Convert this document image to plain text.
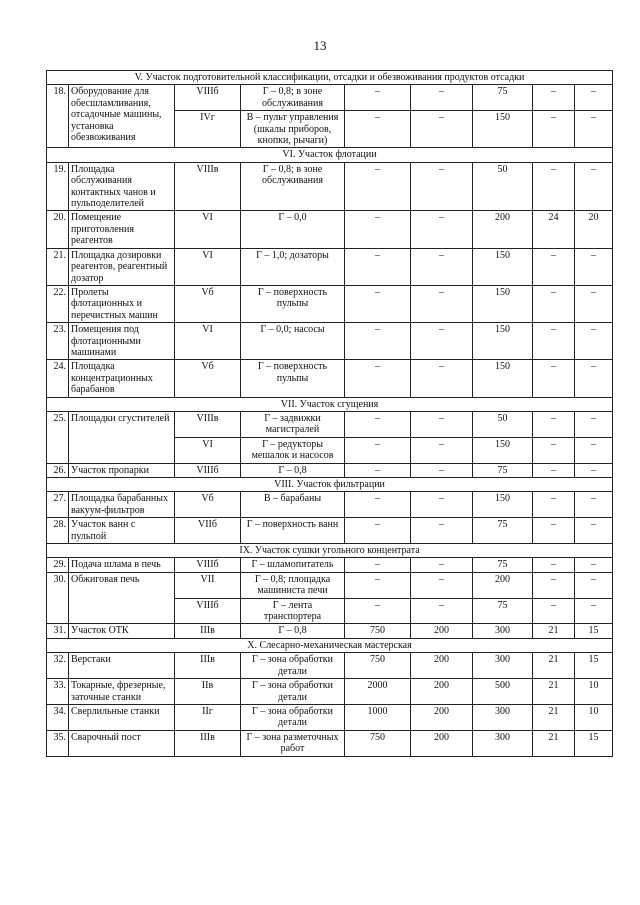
13
V. Участок подготовительной классификации, отсадки и обезвоживания продуктов отсадки								
18.	Оборудование для обесшламливания, отсадочные машины, установка обезвоживания	VIIIб	Г – 0,8; в зоне обслуживания	–	–	75	–	–
		IVг	В – пульт управления (шкалы приборов, кнопки, рычаги)	–	–	150	–	–
VI. Участок флотации								
19.	Площадка обслуживания контактных чанов и пульподелителей	VIIIв	Г – 0,8; в зоне обслуживания	–	–	50	–	–
20.	Помещение приготовления реагентов	VI	Г – 0,0	–	–	200	24	20
21.	Площадка дозировки реагентов, реагентный дозатор	VI	Г – 1,0; дозаторы	–	–	150	–	–
22.	Пролеты флотационных и перечистных машин	Vб	Г – поверхность пульпы	–	–	150	–	–
23.	Помещения под флотационными машинами	VI	Г – 0,0; насосы	–	–	150	–	–
24.	Площадка концентрационных барабанов	Vб	Г – поверхность пульпы	–	–	150	–	–
VII. Участок сгущения								
25.	Площадки сгустителей	VIIIв	Г – задвижки магистралей	–	–	50	–	–
		VI	Г – редукторы мешалок и насосов	–	–	150	–	–
26.	Участок пропарки	VIIIб	Г – 0,8	–	–	75	–	–
VIII. Участок фильтрации								
27.	Площадка барабанных вакуум-фильтров	Vб	В – барабаны	–	–	150	–	–
28.	Участок ванн с пульпой	VIIб	Г – поверхность ванн	–	–	75	–	–
IX. Участок сушки угольного концентрата								
29.	Подача шлама в печь	VIIIб	Г – шламопитатель	–	–	75	–	–
30.	Обжиговая печь	VII	Г – 0,8; площадка машиниста печи	–	–	200	–	–
		VIIIб	Г – лента транспортера	–	–	75	–	–
31.	Участок ОТК	IIIв	Г – 0,8	750	200	300	21	15
X. Слесарно-механическая мастерская								
32.	Верстаки	IIIв	Г – зона обработки детали	750	200	300	21	15
33.	Токарные, фрезерные, заточные станки	IIв	Г – зона обработки детали	2000	200	500	21	10
34.	Сверлильные станки	IIг	Г – зона обработки детали	1000	200	300	21	10
35.	Сварочный пост	IIIв	Г – зона разметочных работ	750	200	300	21	15
